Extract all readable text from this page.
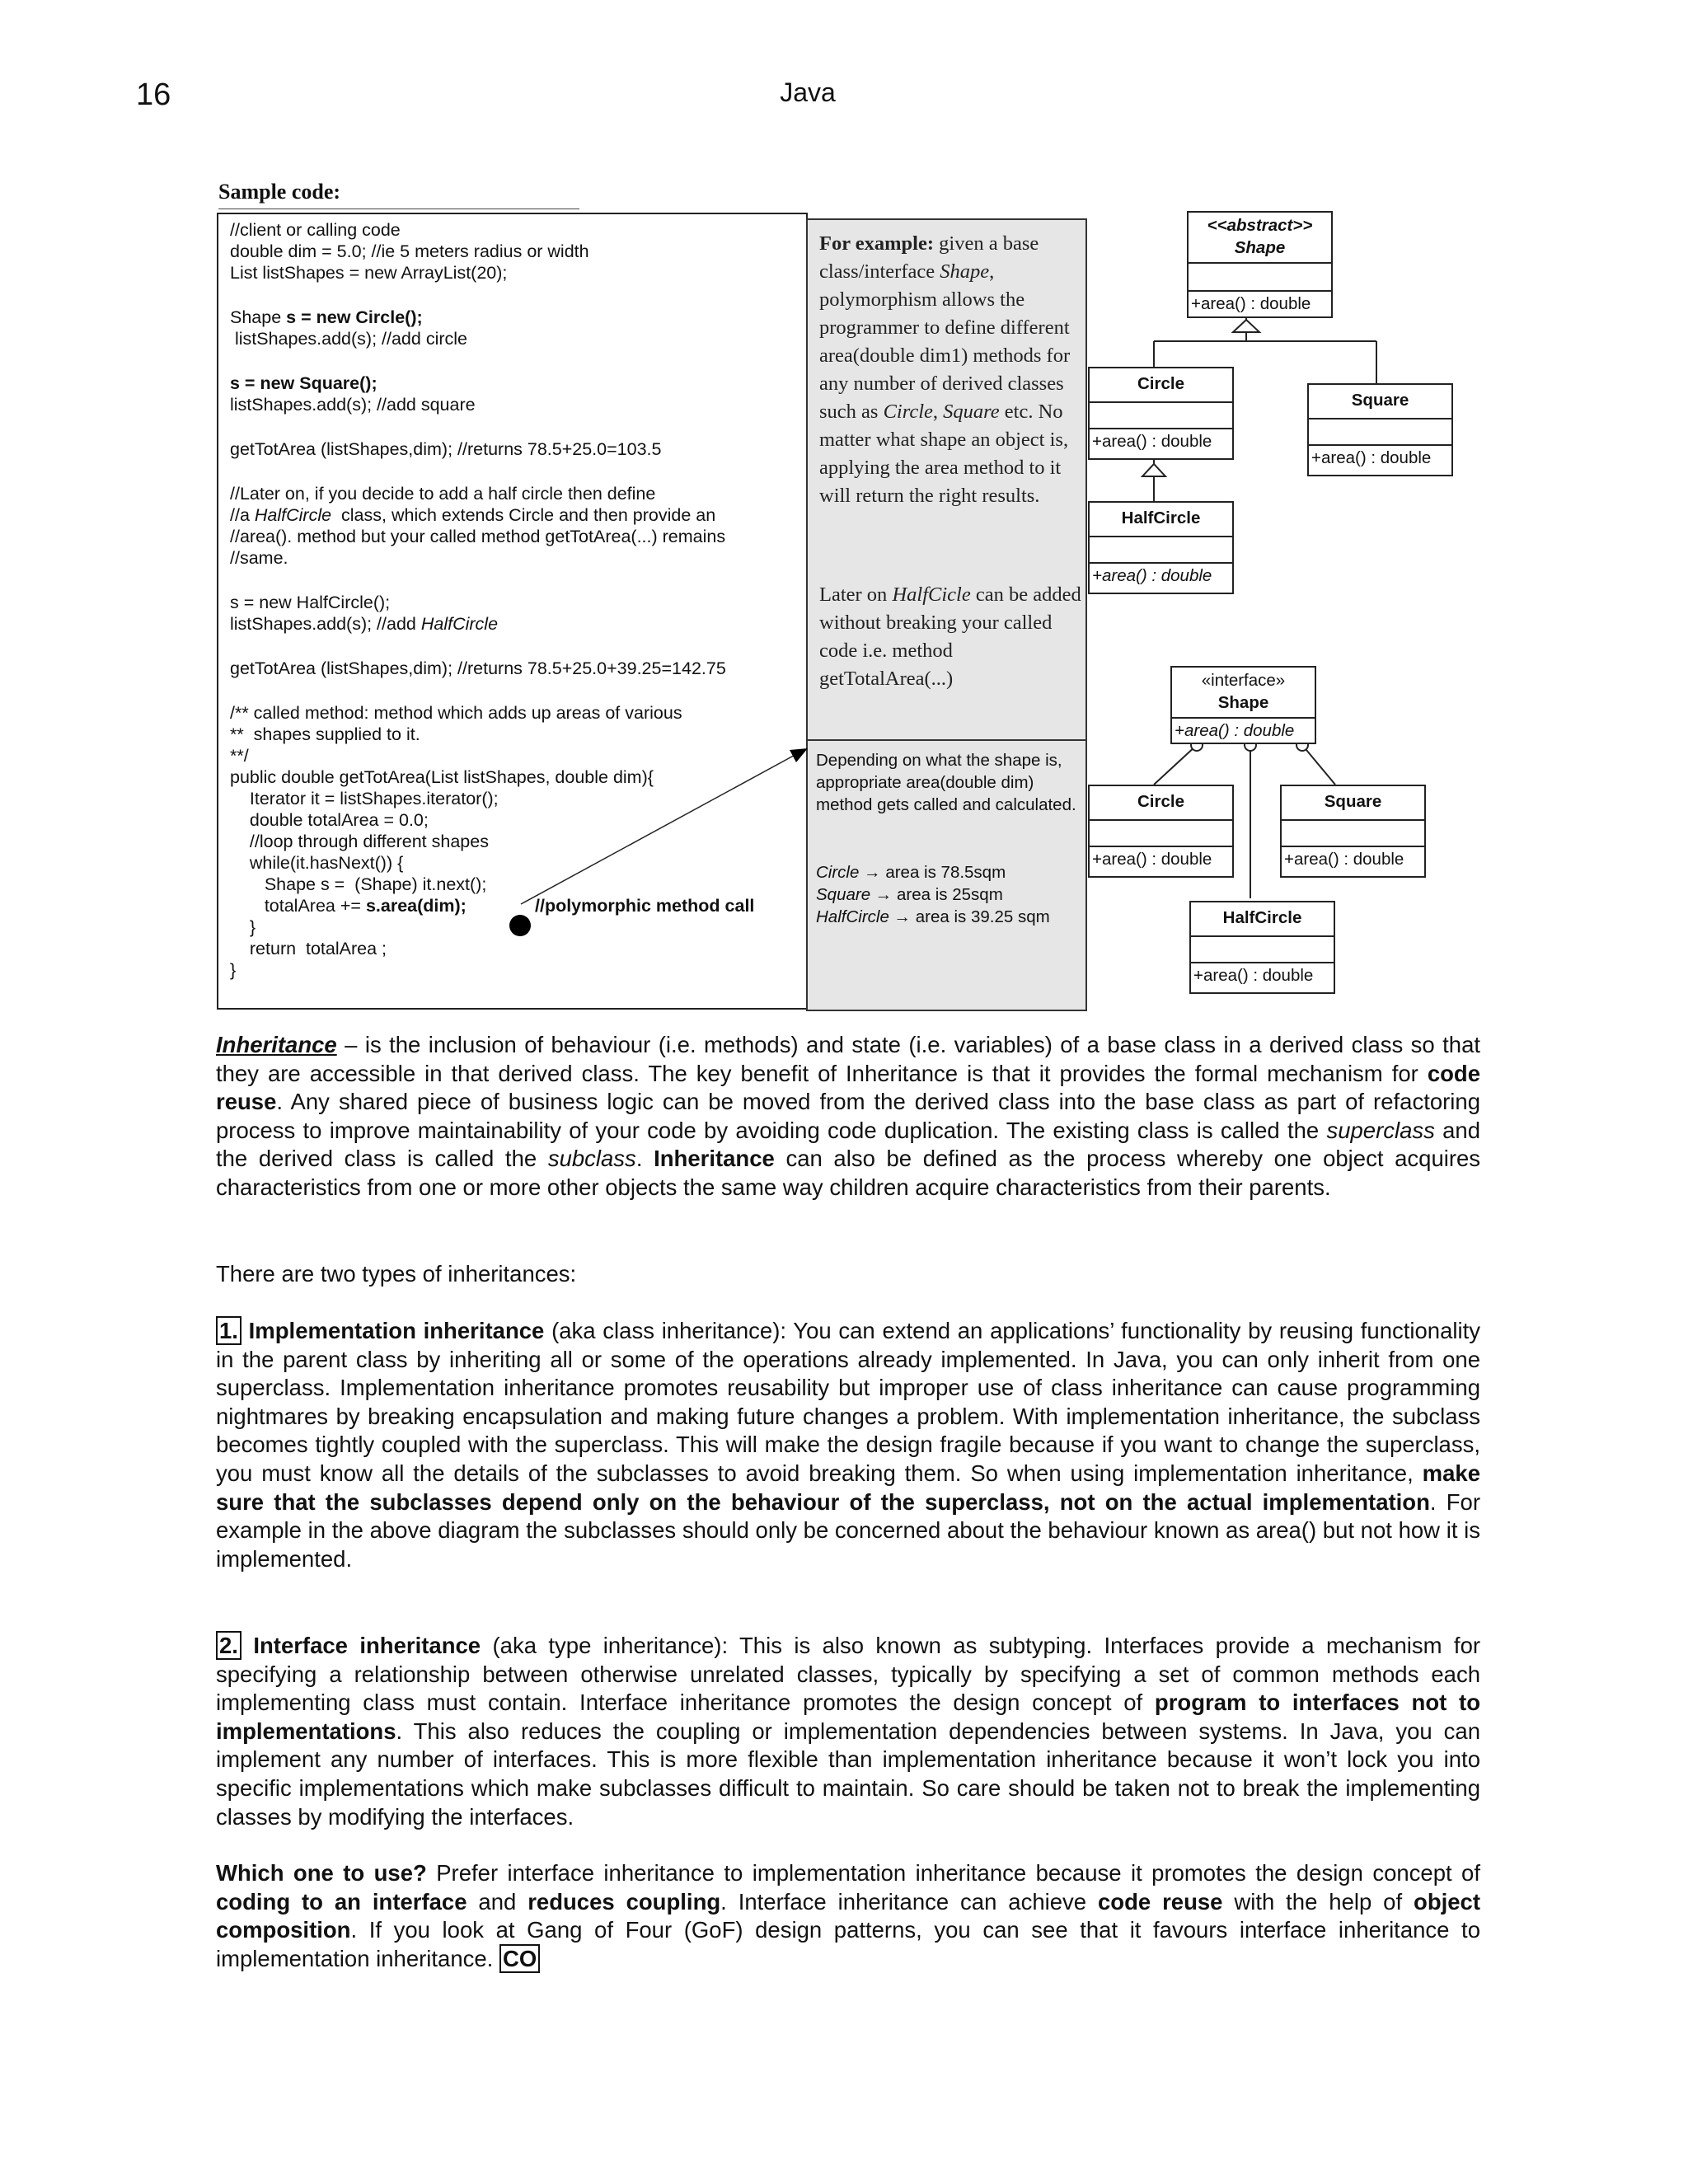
16	Java
Sample code:
//client or calling code
double dim = 5.0; //ie 5 meters radius or width
List listShapes = new ArrayList(20);
Shape s = new Circle();
listShapes.add(s); //add circle
s = new Square();
listShapes.add(s); //add square
getTotArea (listShapes,dim); //returns 78.5+25.0=103.5
//Later on, if you decide to add a half circle then define
//a HalfCircle  class, which extends Circle and then provide an
//area(). method but your called method getTotArea(...) remains
//same.
s = new HalfCircle();
listShapes.add(s); //add HalfCircle
getTotArea (listShapes,dim); //returns 78.5+25.0+39.25=142.75
/** called method: method which adds up areas of various
**  shapes supplied to it.
**/
public double getTotArea(List listShapes, double dim){
Iterator it = listShapes.iterator();
double totalArea = 0.0;
//loop through different shapes
while(it.hasNext()) {
Shape s =  (Shape) it.next();
totalArea += s.area(dim);	//polymorphic method call
}
return  totalArea ;
}
For example: given a base class/interface Shape, polymorphism allows the programmer to define different area(double dim1) methods for any number of derived classes such as Circle, Square etc. No matter what shape an object is, applying the area method to it will return the right results.
Later on HalfCicle can be added without breaking your called code i.e. method getTotalArea(...)
Depending on what the shape is, appropriate area(double dim) method gets called and calculated.
Circle → area is 78.5sqm
Square → area is 25sqm
HalfCircle → area is 39.25 sqm
<<abstract>>
Shape
+area() : double
Circle
+area() : double
Square
+area() : double
HalfCircle
+area() : double
«interface»
Shape
+area() : double
Circle
+area() : double
Square
+area() : double
HalfCircle
+area() : double
Inheritance – is the inclusion of behaviour (i.e. methods) and state (i.e. variables) of a base class in a derived class so that they are accessible in that derived class. The key benefit of Inheritance is that it provides the formal mechanism for code reuse. Any shared piece of business logic can be moved from the derived class into the base class as part of refactoring process to improve maintainability of your code by avoiding code duplication. The existing class is called the superclass and the derived class is called the subclass. Inheritance can also be defined as the process whereby one object acquires characteristics from one or more other objects the same way children acquire characteristics from their parents.
There are two types of inheritances:
1. Implementation inheritance (aka class inheritance): You can extend an applications’ functionality by reusing functionality in the parent class by inheriting all or some of the operations already implemented. In Java, you can only inherit from one superclass. Implementation inheritance promotes reusability but improper use of class inheritance can cause programming nightmares by breaking encapsulation and making future changes a problem. With implementation inheritance, the subclass becomes tightly coupled with the superclass. This will make the design fragile because if you want to change the superclass, you must know all the details of the subclasses to avoid breaking them. So when using implementation inheritance, make sure that the subclasses depend only on the behaviour of the superclass, not on the actual implementation. For example in the above diagram the subclasses should only be concerned about the behaviour known as area() but not how it is implemented.
2. Interface inheritance (aka type inheritance): This is also known as subtyping. Interfaces provide a mechanism for specifying a relationship between otherwise unrelated classes, typically by specifying a set of common methods each implementing class must contain. Interface inheritance promotes the design concept of program to interfaces not to implementations. This also reduces the coupling or implementation dependencies between systems. In Java, you can implement any number of interfaces. This is more flexible than implementation inheritance because it won’t lock you into specific implementations which make subclasses difficult to maintain. So care should be taken not to break the implementing classes by modifying the interfaces.
Which one to use? Prefer interface inheritance to implementation inheritance because it promotes the design concept of coding to an interface and reduces coupling. Interface inheritance can achieve code reuse with the help of object composition. If you look at Gang of Four (GoF) design patterns, you can see that it favours interface inheritance to implementation inheritance. CO
